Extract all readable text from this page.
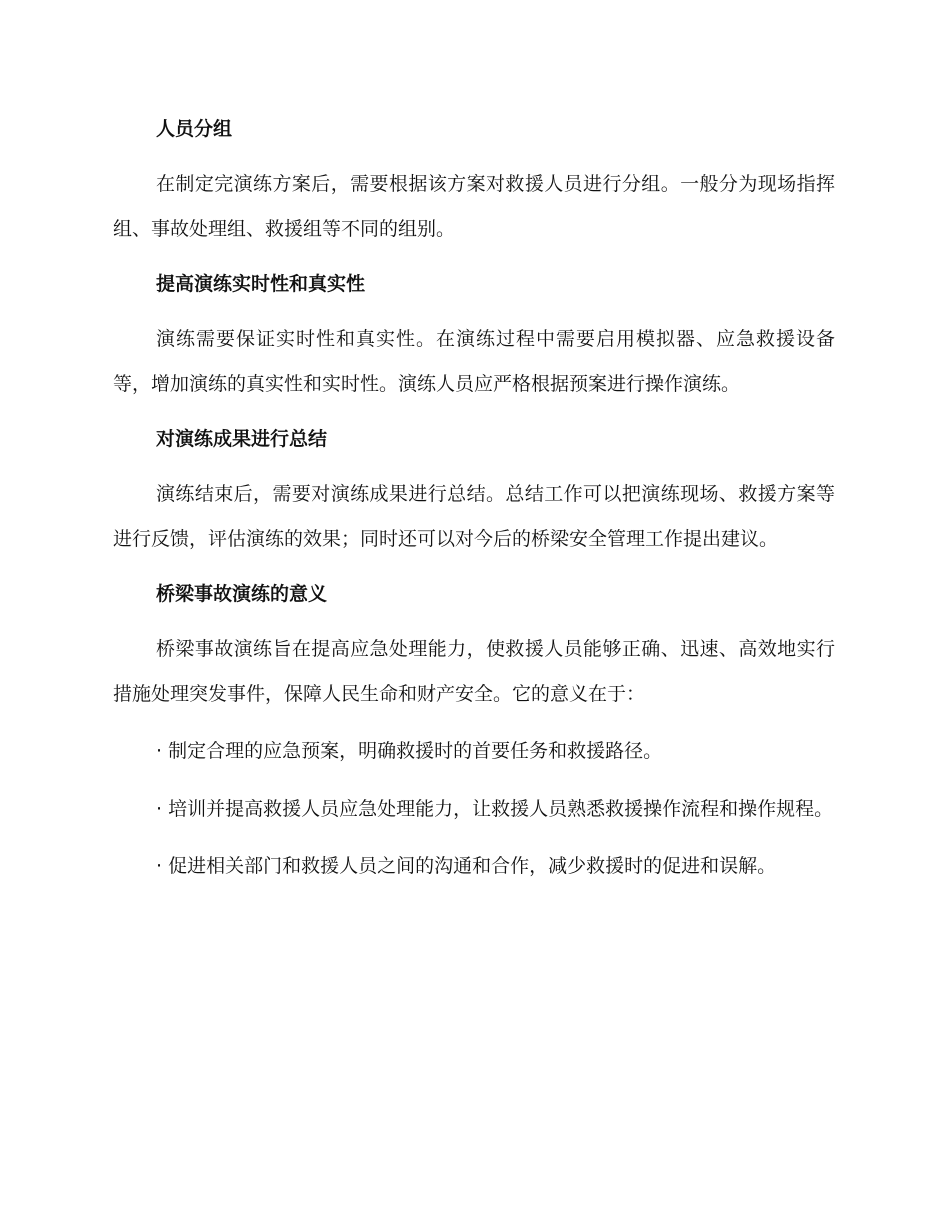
人员分组
在制定完演练方案后，需要根据该方案对救援人员进行分组。一般分为现场指挥组、事故处理组、救援组等不同的组别。
提高演练实时性和真实性
演练需要保证实时性和真实性。在演练过程中需要启用模拟器、应急救援设备等，增加演练的真实性和实时性。演练人员应严格根据预案进行操作演练。
对演练成果进行总结
演练结束后，需要对演练成果进行总结。总结工作可以把演练现场、救援方案等进行反馈，评估演练的效果；同时还可以对今后的桥梁安全管理工作提出建议。
桥梁事故演练的意义
桥梁事故演练旨在提高应急处理能力，使救援人员能够正确、迅速、高效地实行措施处理突发事件，保障人民生命和财产安全。它的意义在于：
· 制定合理的应急预案，明确救援时的首要任务和救援路径。
· 培训并提高救援人员应急处理能力，让救援人员熟悉救援操作流程和操作规程。
· 促进相关部门和救援人员之间的沟通和合作，减少救援时的促进和误解。
